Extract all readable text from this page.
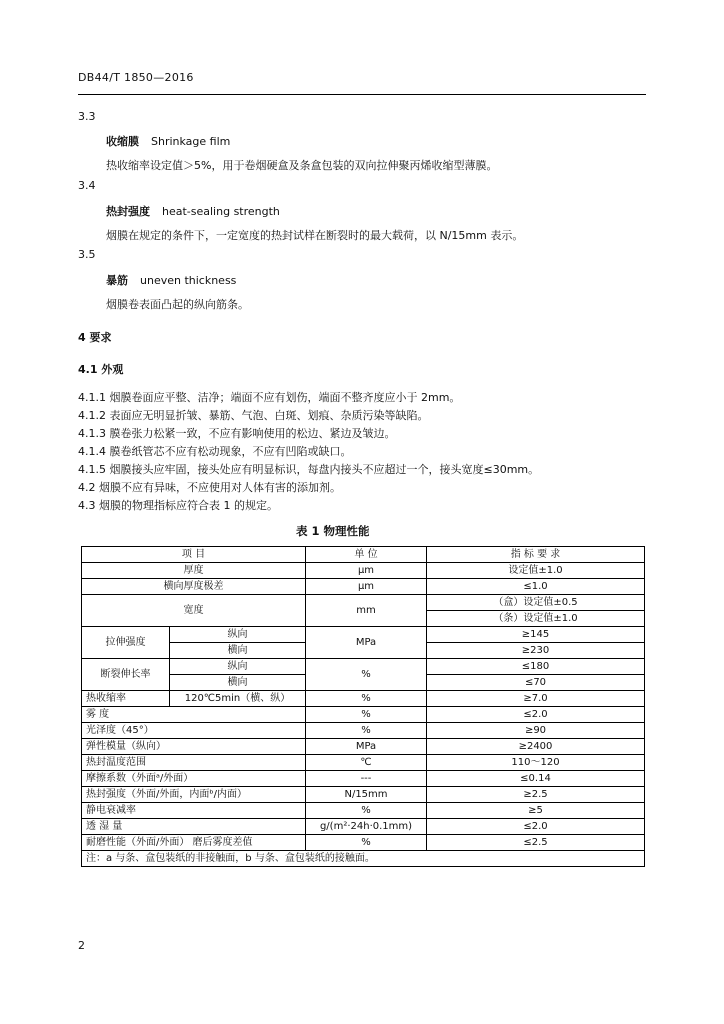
DB44/T 1850—2016
3.3
收缩膜 Shrinkage film
热收缩率设定值＞5%，用于卷烟硬盒及条盒包装的双向拉伸聚丙烯收缩型薄膜。
3.4
热封强度 heat-sealing strength
烟膜在规定的条件下，一定宽度的热封试样在断裂时的最大载荷，以 N/15mm 表示。
3.5
暴筋 uneven thickness
烟膜卷表面凸起的纵向筋条。
4 要求
4.1 外观
4.1.1 烟膜卷面应平整、洁净；端面不应有划伤，端面不整齐度应小于 2mm。
4.1.2 表面应无明显折皱、暴筋、气泡、白斑、划痕、杂质污染等缺陷。
4.1.3 膜卷张力松紧一致，不应有影响使用的松边、紧边及皱边。
4.1.4 膜卷纸管芯不应有松动现象，不应有凹陷或缺口。
4.1.5 烟膜接头应牢固，接头处应有明显标识，每盘内接头不应超过一个，接头宽度≤30mm。
4.2 烟膜不应有异味，不应使用对人体有害的添加剂。
4.3 烟膜的物理指标应符合表 1 的规定。
表 1 物理性能
项 目		单 位	指 标 要 求
厚度		μm	设定值±1.0
横向厚度极差		μm	≤1.0
宽度		mm	（盒）设定值±0.5
			（条）设定值±1.0
拉伸强度	纵向	MPa	≥145
	横向		≥230
断裂伸长率	纵向	%	≤180
	横向		≤70
热收缩率	120℃5min（横、纵）	%	≥7.0
雾 度		%	≤2.0
光泽度（45°）		%	≥90
弹性模量（纵向）		MPa	≥2400
热封温度范围		℃	110～120
摩擦系数（外面ᵃ/外面）		---	≤0.14
热封强度（外面/外面，内面ᵇ/内面）		N/15mm	≥2.5
静电衰减率		%	≥5
透 湿 量		g/(m²·24h·0.1mm)	≤2.0
耐磨性能（外面/外面） 磨后雾度差值		%	≤2.5
注：a 与条、盒包装纸的非接触面，b 与条、盒包装纸的接触面。			
2
